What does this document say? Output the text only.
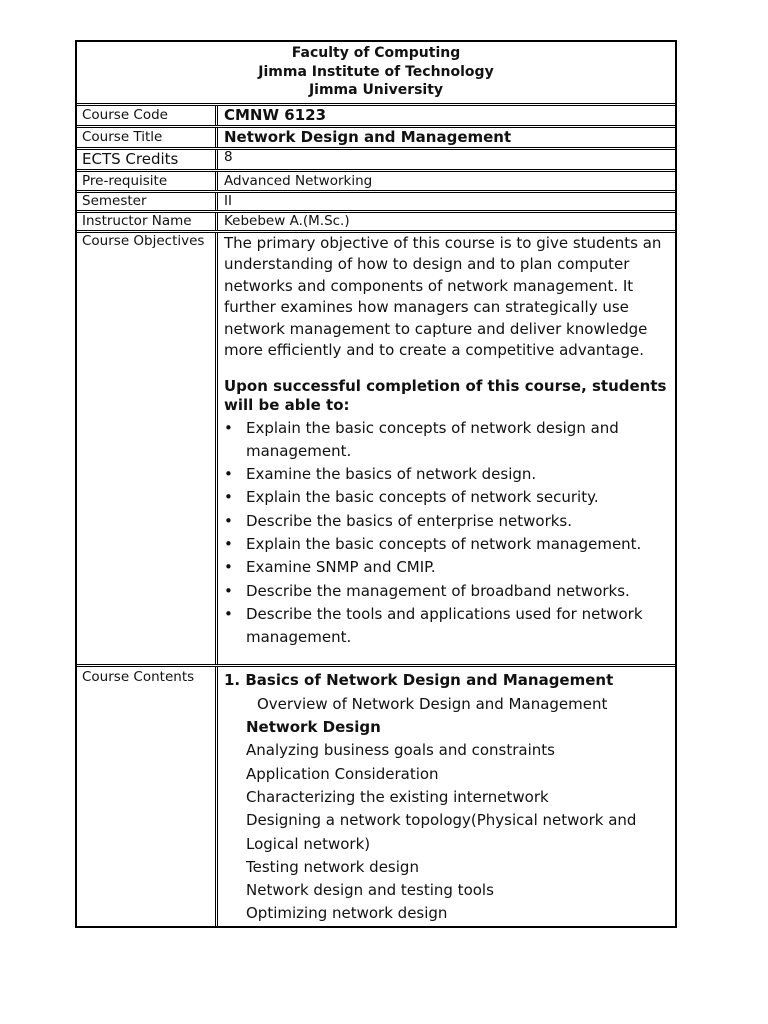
Faculty of Computing
Jimma Institute of Technology
Jimma University
Course Code	CMNW 6123
Course Title	Network Design and Management
ECTS Credits	8
Pre-requisite	Advanced Networking
Semester	II
Instructor Name	Kebebew A.(M.Sc.)
Course Objectives	The primary objective of this course is to give students an understanding of how to design and to plan computer networks and components of network management. It further examines how managers can strategically use network management to capture and deliver knowledge more efficiently and to create a competitive advantage.

Upon successful completion of this course, students will be able to:
• Explain the basic concepts of network design and management.
• Examine the basics of network design.
• Explain the basic concepts of network security.
• Describe the basics of enterprise networks.
• Explain the basic concepts of network management.
• Examine SNMP and CMIP.
• Describe the management of broadband networks.
• Describe the tools and applications used for network management.
Course Contents	1. Basics of Network Design and Management
Overview of Network Design and Management
Network Design
Analyzing business goals and constraints
Application Consideration
Characterizing the existing internetwork
Designing a network topology(Physical network and Logical network)
Testing network design
Network design and testing tools
Optimizing network design
